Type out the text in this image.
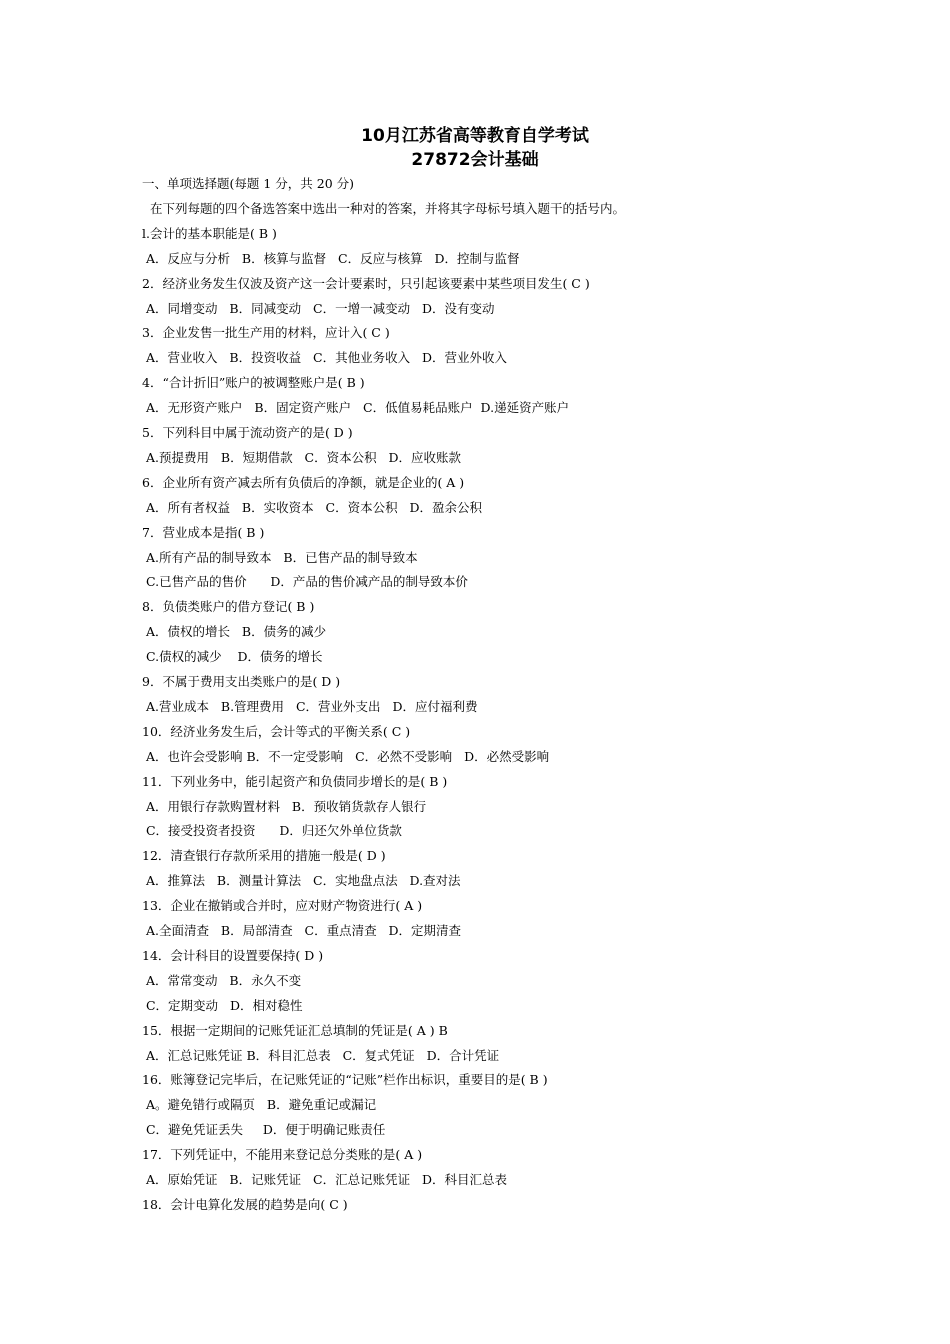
10月江苏省高等教育自学考试
27872会计基础
一、单项选择题(每题 1 分，共 20 分)
在下列每题的四个备选答案中选出一种对的答案，并将其字母标号填入题干的括号内。
l.会计的基本职能是( B )
A．反应与分析   B．核算与监督   C．反应与核算   D．控制与监督
2．经济业务发生仅波及资产这一会计要素时，只引起该要素中某些项目发生( C )
A．同增变动   B．同减变动   C．一增一减变动   D．没有变动
3．企业发售一批生产用的材料，应计入( C )
A．营业收入   B．投资收益   C．其他业务收入   D．营业外收入
4．“合计折旧”账户的被调整账户是( B )
A．无形资产账户   B．固定资产账户   C．低值易耗品账户  D.递延资产账户
5．下列科目中属于流动资产的是( D )
A.预提费用   B．短期借款   C．资本公积   D．应收账款
6．企业所有资产减去所有负债后的净额，就是企业的( A )
A．所有者权益   B．实收资本   C．资本公积   D．盈余公积
7．营业成本是指( B )
A.所有产品的制导致本   B．已售产品的制导致本
C.已售产品的售价      D．产品的售价减产品的制导致本价
8．负债类账户的借方登记( B )
A．债权的增长   B．债务的减少
C.债权的减少    D．债务的增长
9．不属于费用支出类账户的是( D )
A.营业成本   B.管理费用   C．营业外支出   D．应付福利费
10．经济业务发生后，会计等式的平衡关系( C )
A．也许会受影响 B．不一定受影响   C．必然不受影响   D．必然受影响
11．下列业务中，能引起资产和负债同步增长的是( B )
A．用银行存款购置材料   B．预收销货款存人银行
C．接受投资者投资      D．归还欠外单位货款
12．清查银行存款所采用的措施一般是( D )
A．推算法   B．测量计算法   C．实地盘点法   D.查对法
13．企业在撤销或合并时，应对财产物资进行( A )
A.全面清查   B．局部清查   C．重点清查   D．定期清查
14．会计科目的设置要保持( D )
A．常常变动   B．永久不变
C．定期变动   D．相对稳性
15．根据一定期间的记账凭证汇总填制的凭证是( A ) B
A．汇总记账凭证 B．科目汇总表   C．复式凭证   D．合计凭证
16．账簿登记完毕后，在记账凭证的“记账”栏作出标识，重要目的是( B )
A。避免错行或隔页   B．避免重记或漏记
C．避免凭证丢失     D．便于明确记账责任
17．下列凭证中，不能用来登记总分类账的是( A )
A．原始凭证   B．记账凭证   C．汇总记账凭证   D．科目汇总表
18．会计电算化发展的趋势是向( C )
